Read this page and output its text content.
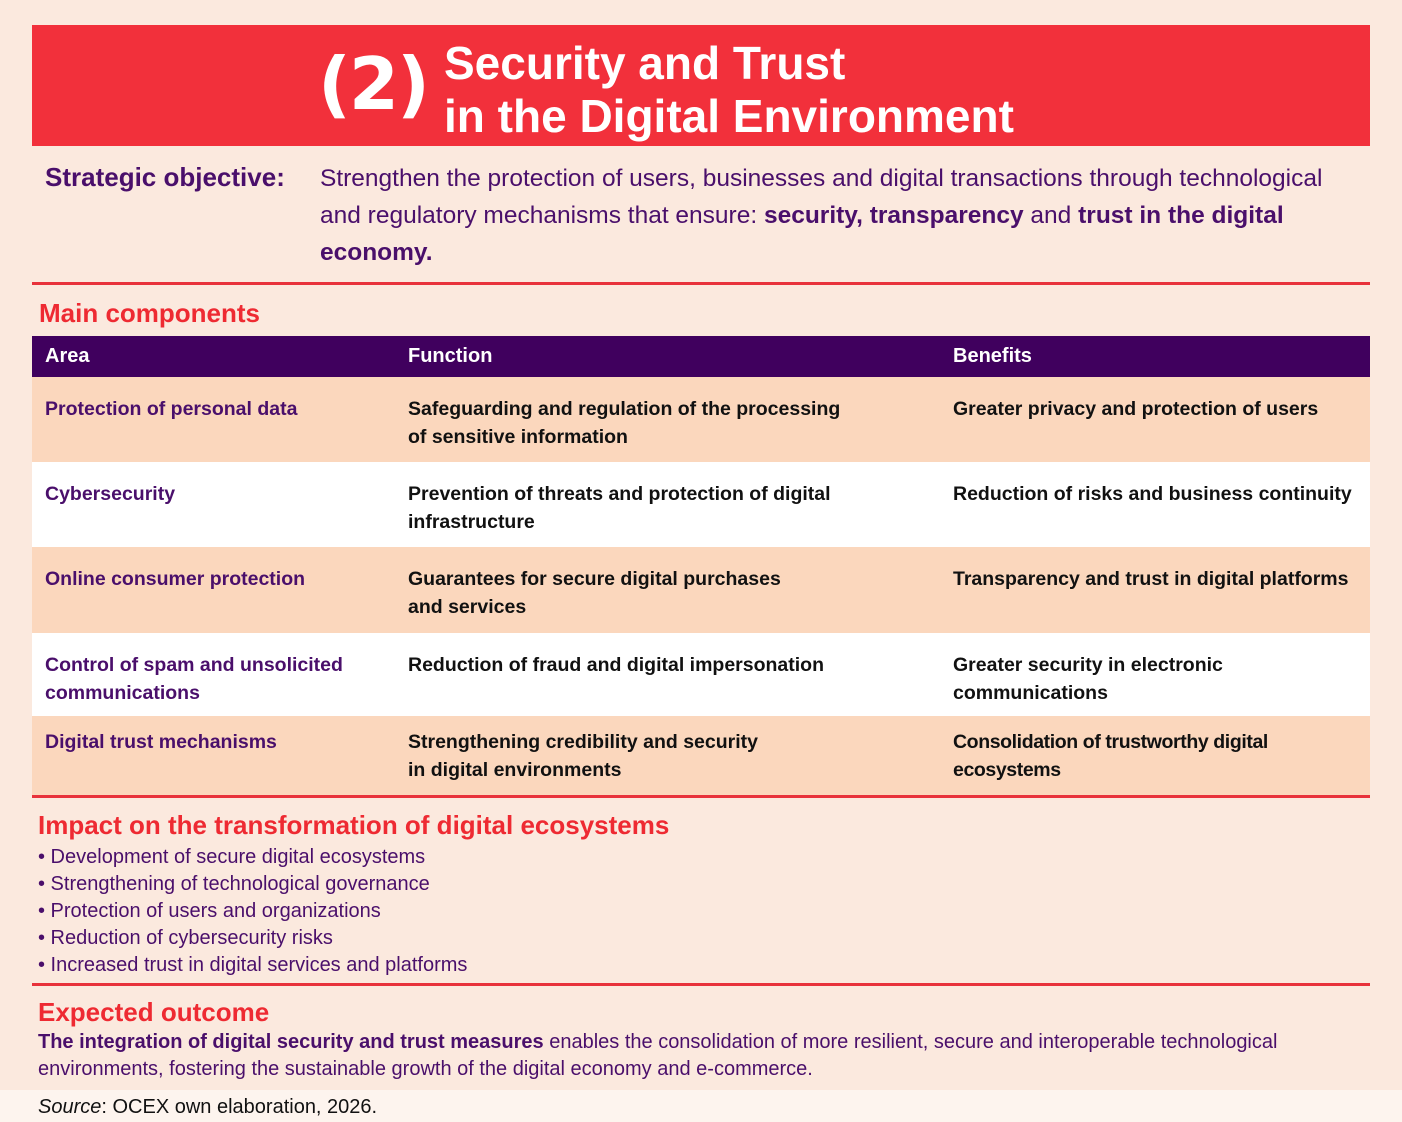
(2) Security and Trust
in the Digital Environment
Strategic objective: Strengthen the protection of users, businesses and digital transactions through technological and regulatory mechanisms that ensure: security, transparency and trust in the digital economy.
Main components
Area	Function	Benefits
Protection of personal data	Safeguarding and regulation of the processing of sensitive information	Greater privacy and protection of users
Cybersecurity	Prevention of threats and protection of digital infrastructure	Reduction of risks and business continuity
Online consumer protection	Guarantees for secure digital purchases and services	Transparency and trust in digital platforms
Control of spam and unsolicited communications	Reduction of fraud and digital impersonation	Greater security in electronic communications
Digital trust mechanisms	Strengthening credibility and security in digital environments	Consolidation of trustworthy digital ecosystems
Impact on the transformation of digital ecosystems
• Development of secure digital ecosystems
• Strengthening of technological governance
• Protection of users and organizations
• Reduction of cybersecurity risks
• Increased trust in digital services and platforms
Expected outcome
The integration of digital security and trust measures enables the consolidation of more resilient, secure and interoperable technological environments, fostering the sustainable growth of the digital economy and e-commerce.
Source: OCEX own elaboration, 2026.
